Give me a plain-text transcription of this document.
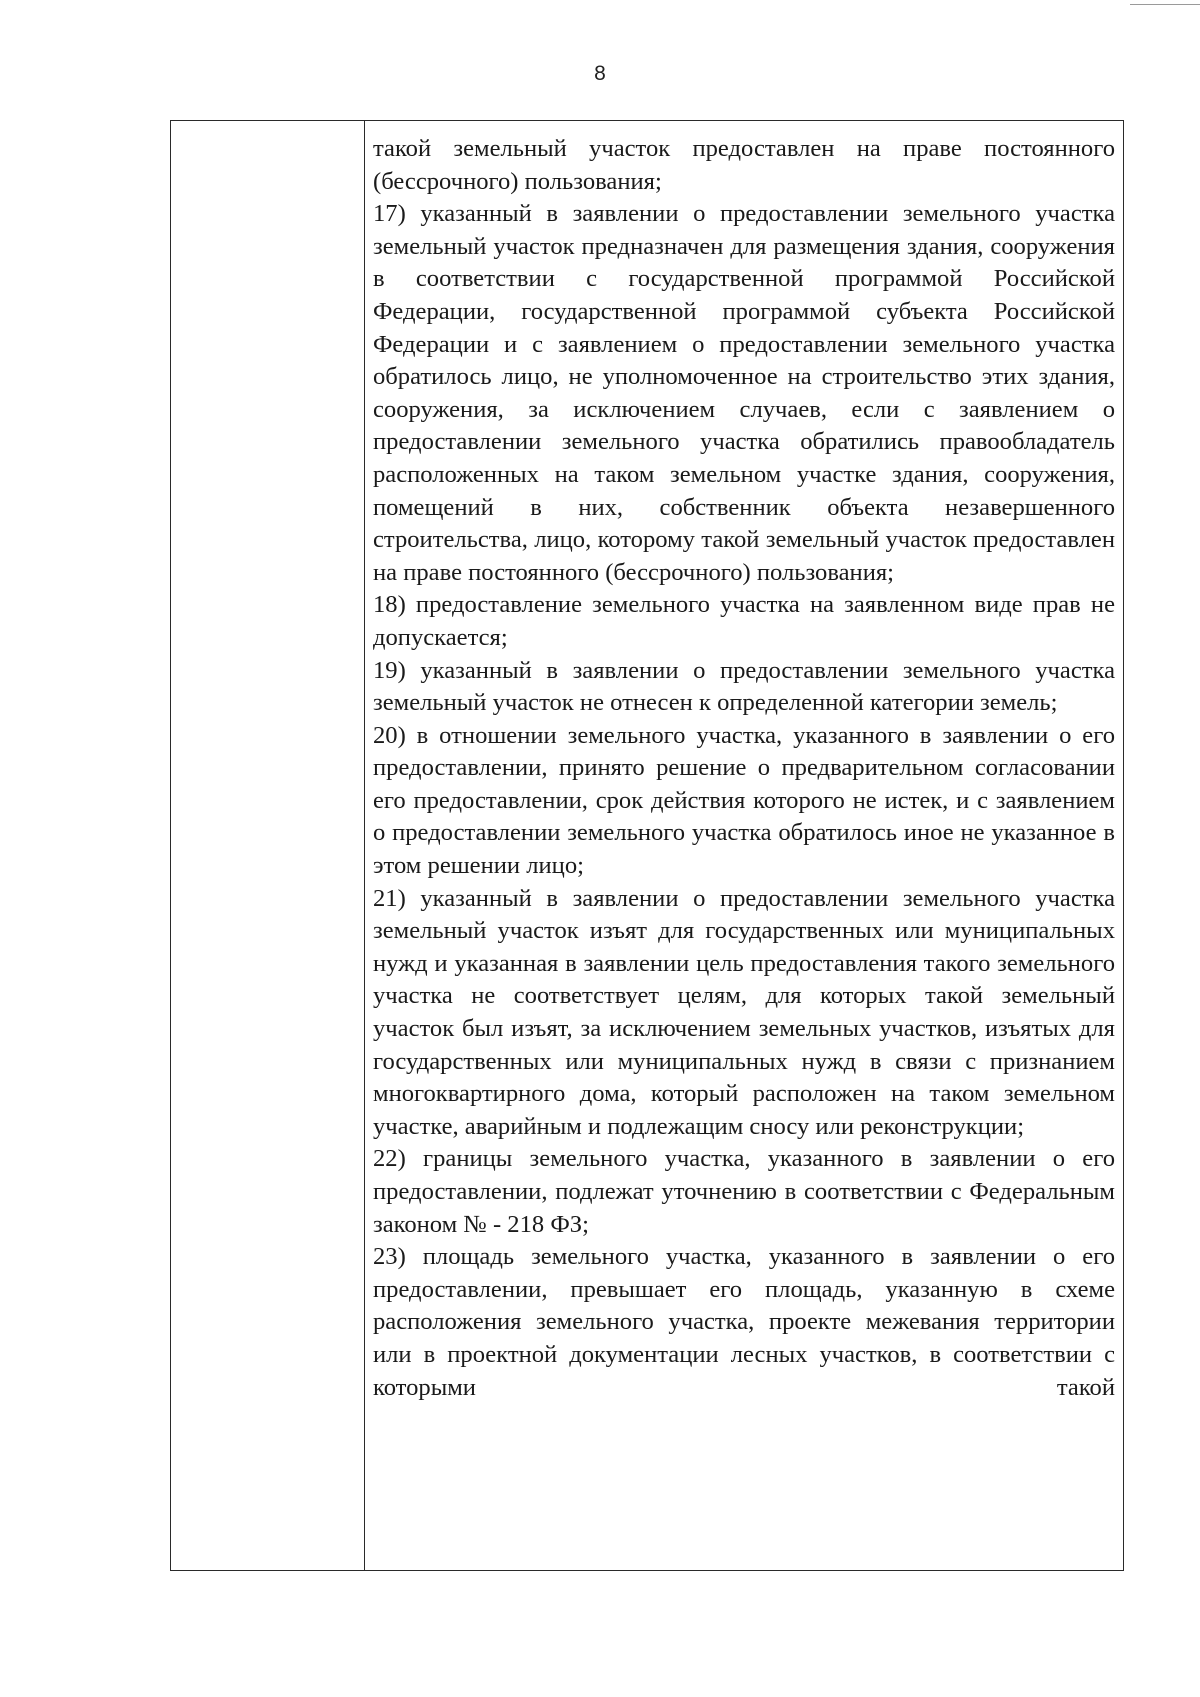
8

такой земельный участок предоставлен на праве постоянного (бессрочного) пользования;

17) указанный в заявлении о предоставлении земельного участка земельный участок предназначен для размещения здания, сооружения в соответствии с государственной программой Российской Федерации, государственной программой субъекта Российской Федерации и с заявлением о предоставлении земельного участка обратилось лицо, не уполномоченное на строительство этих здания, сооружения, за исключением случаев, если с заявлением о предоставлении земельного участка обратились правообладатель расположенных на таком земельном участке здания, сооружения, помещений в них, собственник объекта незавершенного строительства, лицо, которому такой земельный участок предоставлен на праве постоянного (бессрочного) пользования;

18) предоставление земельного участка на заявленном виде прав не допускается;

19) указанный в заявлении о предоставлении земельного участка земельный участок не отнесен к определенной категории земель;

20) в отношении земельного участка, указанного в заявлении о его предоставлении, принято решение о предварительном согласовании его предоставлении, срок действия которого не истек, и с заявлением о предоставлении земельного участка обратилось иное не указанное в этом решении лицо;

21) указанный в заявлении о предоставлении земельного участка земельный участок изъят для государственных или муниципальных нужд и указанная в заявлении цель предоставления такого земельного участка не соответствует целям, для которых такой земельный участок был изъят, за исключением земельных участков, изъятых для государственных или муниципальных нужд в связи с признанием многоквартирного дома, который расположен на таком земельном участке, аварийным и подлежащим сносу или реконструкции;

22) границы земельного участка, указанного в заявлении о его предоставлении, подлежат уточнению в соответствии с Федеральным законом № - 218 ФЗ;

23) площадь земельного участка, указанного в заявлении о его предоставлении, превышает его площадь, указанную в схеме расположения земельного участка, проекте межевания территории или в проектной документации лесных участков, в соответствии с которыми такой
